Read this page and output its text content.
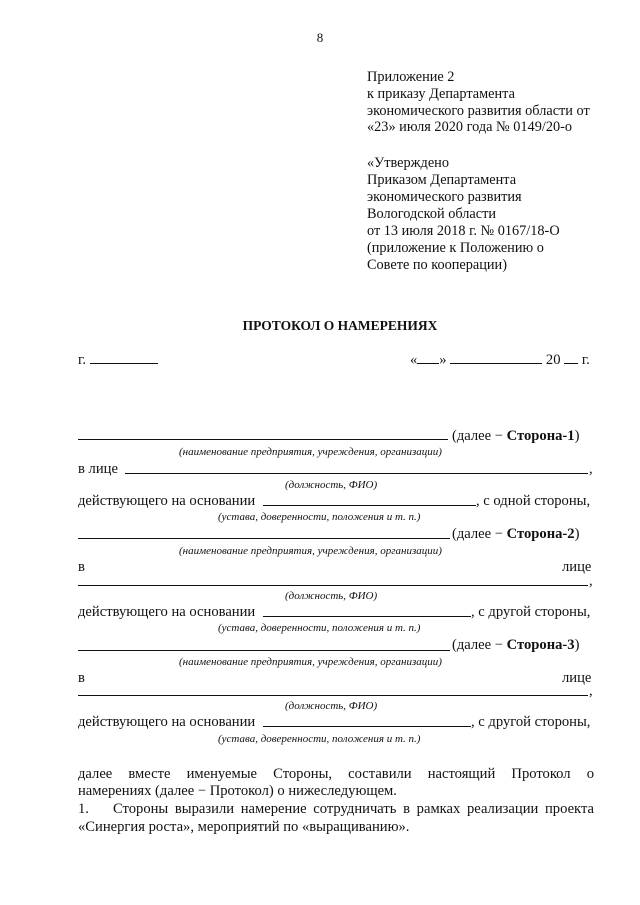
8
Приложение 2
к приказу Департамента
экономического развития области от
«23» июля 2020 года № 0149/20-о
«Утверждено
Приказом Департамента
экономического развития
Вологодской области
от 13 июля 2018 г. № 0167/18-О
(приложение к Положению о
Совете по кооперации)
ПРОТОКОЛ О НАМЕРЕНИЯХ
г.	« »	20 г.
(далее − Сторона-1)
(наименование предприятия, учреждения, организации)
в лице	,
(должность, ФИО)
действующего на основании	, с одной стороны,
(устава, доверенности, положения и т. п.)
(далее − Сторона-2)
(наименование предприятия, учреждения, организации)
в	лице
,
(должность, ФИО)
действующего на основании	, с другой стороны,
(устава, доверенности, положения и т. п.)
(далее − Сторона-3)
(наименование предприятия, учреждения, организации)
в	лице
,
(должность, ФИО)
действующего на основании	, с другой стороны,
(устава, доверенности, положения и т. п.)
далее вместе именуемые Стороны, составили настоящий Протокол о
намерениях (далее − Протокол) о нижеследующем.
1. Стороны выразили намерение сотрудничать в рамках реализации проекта
«Синергия роста», мероприятий по «выращиванию».
